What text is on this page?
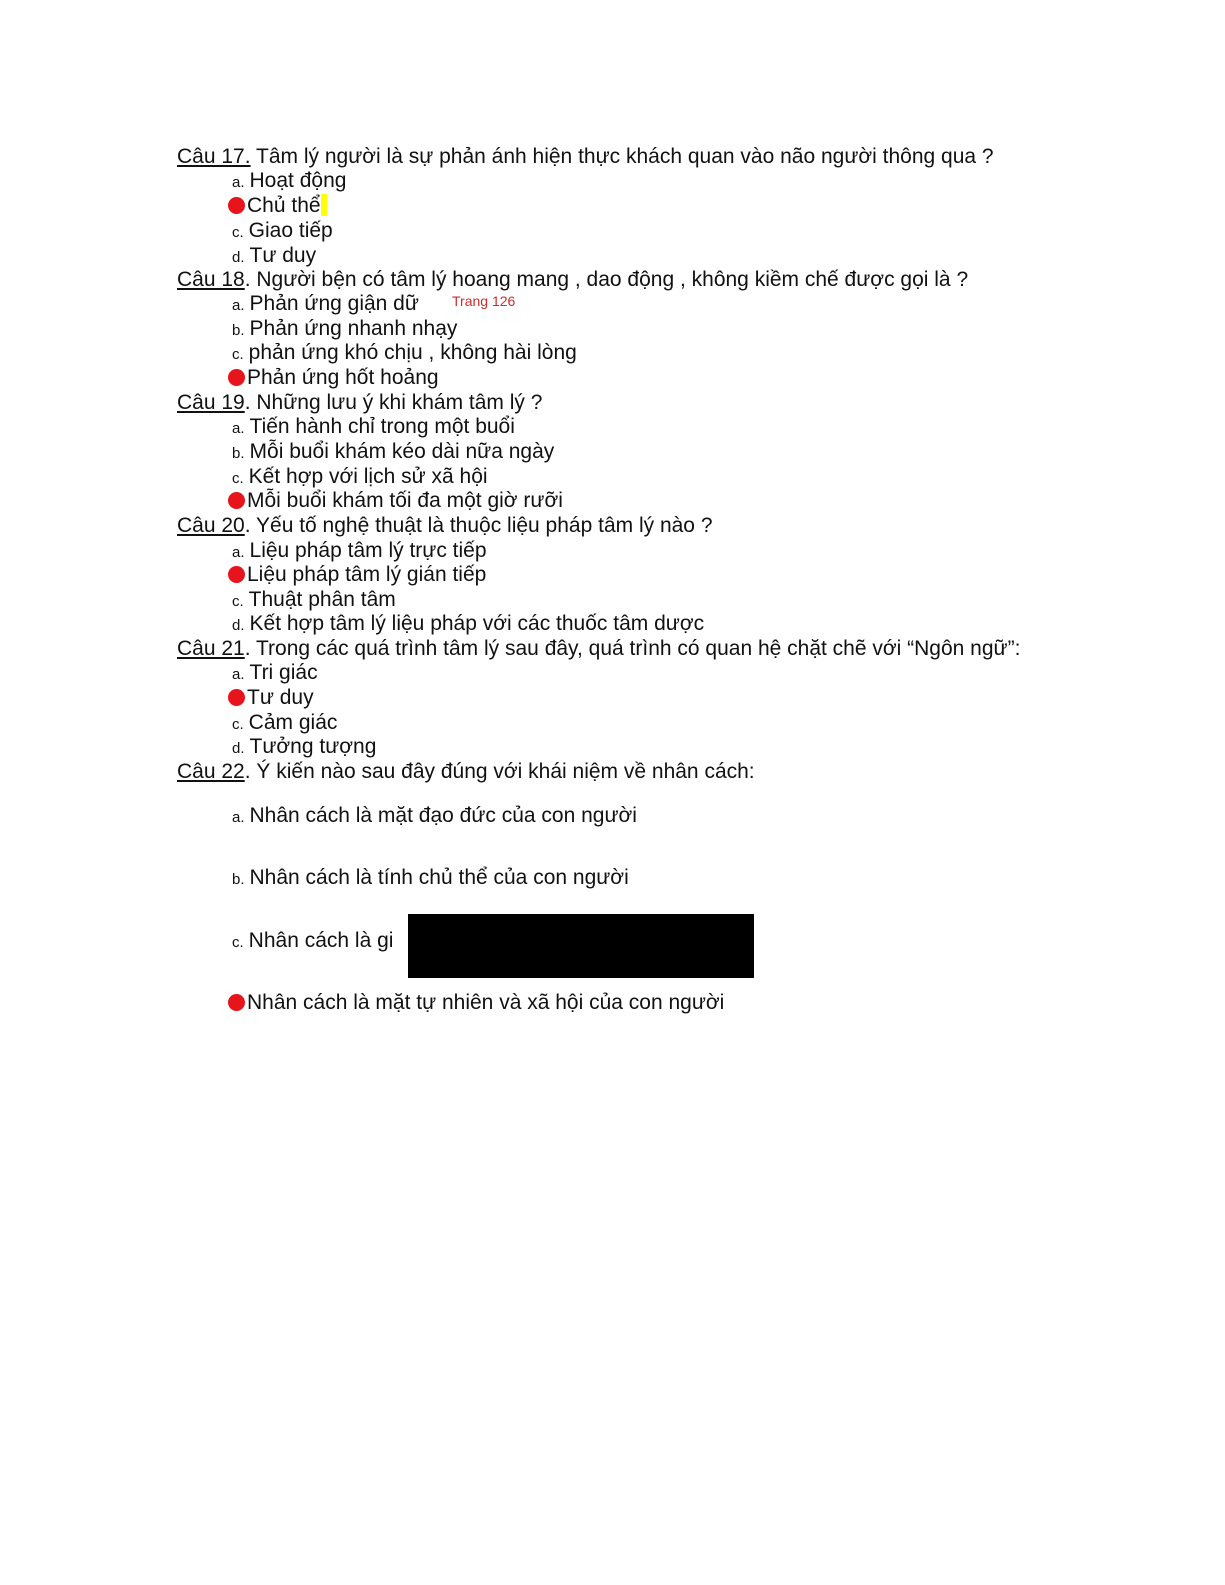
Câu 17. Tâm lý người là sự phản ánh hiện thực khách quan vào não người thông qua ?
a. Hoạt động
Chủ thể
c. Giao tiếp
d. Tư duy
Câu 18. Người bện có tâm lý hoang mang , dao động , không kiềm chế được gọi là ?
a. Phản ứng giận dữ Trang 126
b. Phản ứng nhanh nhạy
c. phản ứng khó chịu , không hài lòng
Phản ứng hốt hoảng
Câu 19. Những lưu ý khi khám tâm lý ?
a. Tiến hành chỉ trong một buổi
b. Mỗi buổi khám kéo dài nữa ngày
c. Kết hợp với lịch sử xã hội
Mỗi buổi khám tối đa một giờ rưỡi
Câu 20. Yếu tố nghệ thuật là thuộc liệu pháp tâm lý nào ?
a. Liệu pháp tâm lý trực tiếp
Liệu pháp tâm lý gián tiếp
c. Thuật phân tâm
d. Kết hợp tâm lý liệu pháp với các thuốc tâm dược
Câu 21. Trong các quá trình tâm lý sau đây, quá trình có quan hệ chặt chẽ với “Ngôn ngữ”:
a. Tri giác
Tư duy
c. Cảm giác
d. Tưởng tượng
Câu 22. Ý kiến nào sau đây đúng với khái niệm về nhân cách:
a. Nhân cách là mặt đạo đức của con người
b. Nhân cách là tính chủ thể của con người
c. Nhân cách là gi
Nhân cách là mặt tự nhiên và xã hội của con người
